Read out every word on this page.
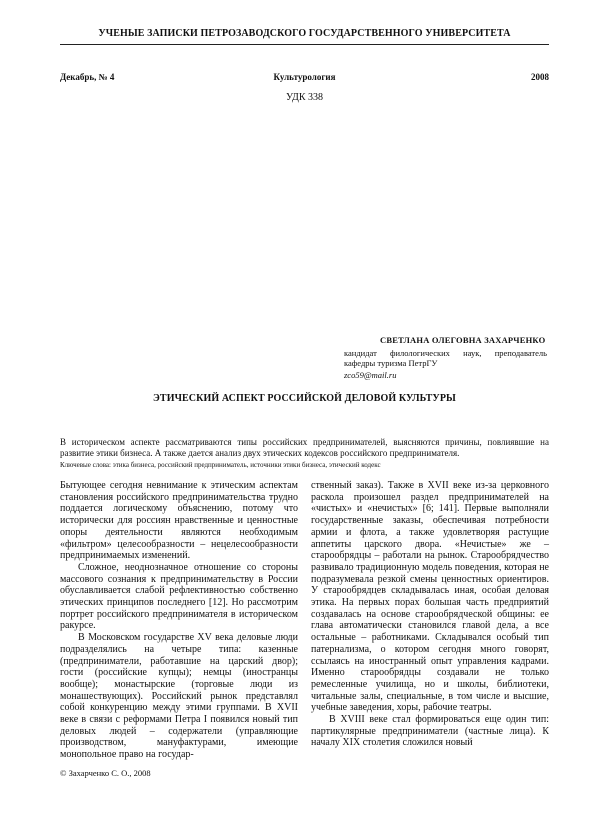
УЧЕНЫЕ ЗАПИСКИ ПЕТРОЗАВОДСКОГО ГОСУДАРСТВЕННОГО УНИВЕРСИТЕТА
Декабрь, № 4	Культурология	2008
УДК 338
СВЕТЛАНА ОЛЕГОВНА ЗАХАРЧЕНКО
кандидат филологических наук, преподаватель кафедры туризма ПетрГУ
zco59@mail.ru
ЭТИЧЕСКИЙ АСПЕКТ РОССИЙСКОЙ ДЕЛОВОЙ КУЛЬТУРЫ
В историческом аспекте рассматриваются типы российских предпринимателей, выясняются причины, повлиявшие на развитие этики бизнеса. А также дается анализ двух этических кодексов российского предпринимателя.
Ключевые слова: этика бизнеса, российский предприниматель, источники этики бизнеса, этический кодекс

Бытующее сегодня невнимание к этическим аспектам становления российского предпринимательства трудно поддается логическому объяснению, потому что исторически для россиян нравственные и ценностные опоры деятельности являются необходимым «фильтром» целесообразности – нецелесообразности предпринимаемых изменений.

Сложное, неоднозначное отношение со стороны массового сознания к предпринимательству в России обуславливается слабой рефлективностью собственно этических принципов последнего [12]. Но рассмотрим портрет российского предпринимателя в историческом ракурсе.

В Московском государстве XV века деловые люди подразделялись на четыре типа: казенные (предприниматели, работавшие на царский двор); гости (российские купцы); немцы (иностранцы вообще); монастырские (торговые люди из монашествующих). Российский рынок представлял собой конкуренцию между этими группами. В XVII веке в связи с реформами Петра I появился новый тип деловых людей – содержатели (управляющие производством, мануфактурами, имеющие монопольное право на государ-

ственный заказ). Также в XVII веке из-за церковного раскола произошел раздел предпринимателей на «чистых» и «нечистых» [6; 141]. Первые выполняли государственные заказы, обеспечивая потребности армии и флота, а также удовлетворяя растущие аппетиты царского двора. «Нечистые» же – старообрядцы – работали на рынок. Старообрядчество развивало традиционную модель поведения, которая не подразумевала резкой смены ценностных ориентиров. У старообрядцев складывалась иная, особая деловая этика. На первых порах большая часть предприятий создавалась на основе старообрядческой общины: ее глава автоматически становился главой дела, а все остальные – работниками. Складывался особый тип патернализма, о котором сегодня много говорят, ссылаясь на иностранный опыт управления кадрами. Именно старообрядцы создавали не только ремесленные училища, но и школы, библиотеки, читальные залы, специальные, в том числе и высшие, учебные заведения, хоры, рабочие театры.

В XVIII веке стал формироваться еще один тип: партикулярные предприниматели (частные лица). К началу XIX столетия сложился новый

© Захарченко С. О., 2008
